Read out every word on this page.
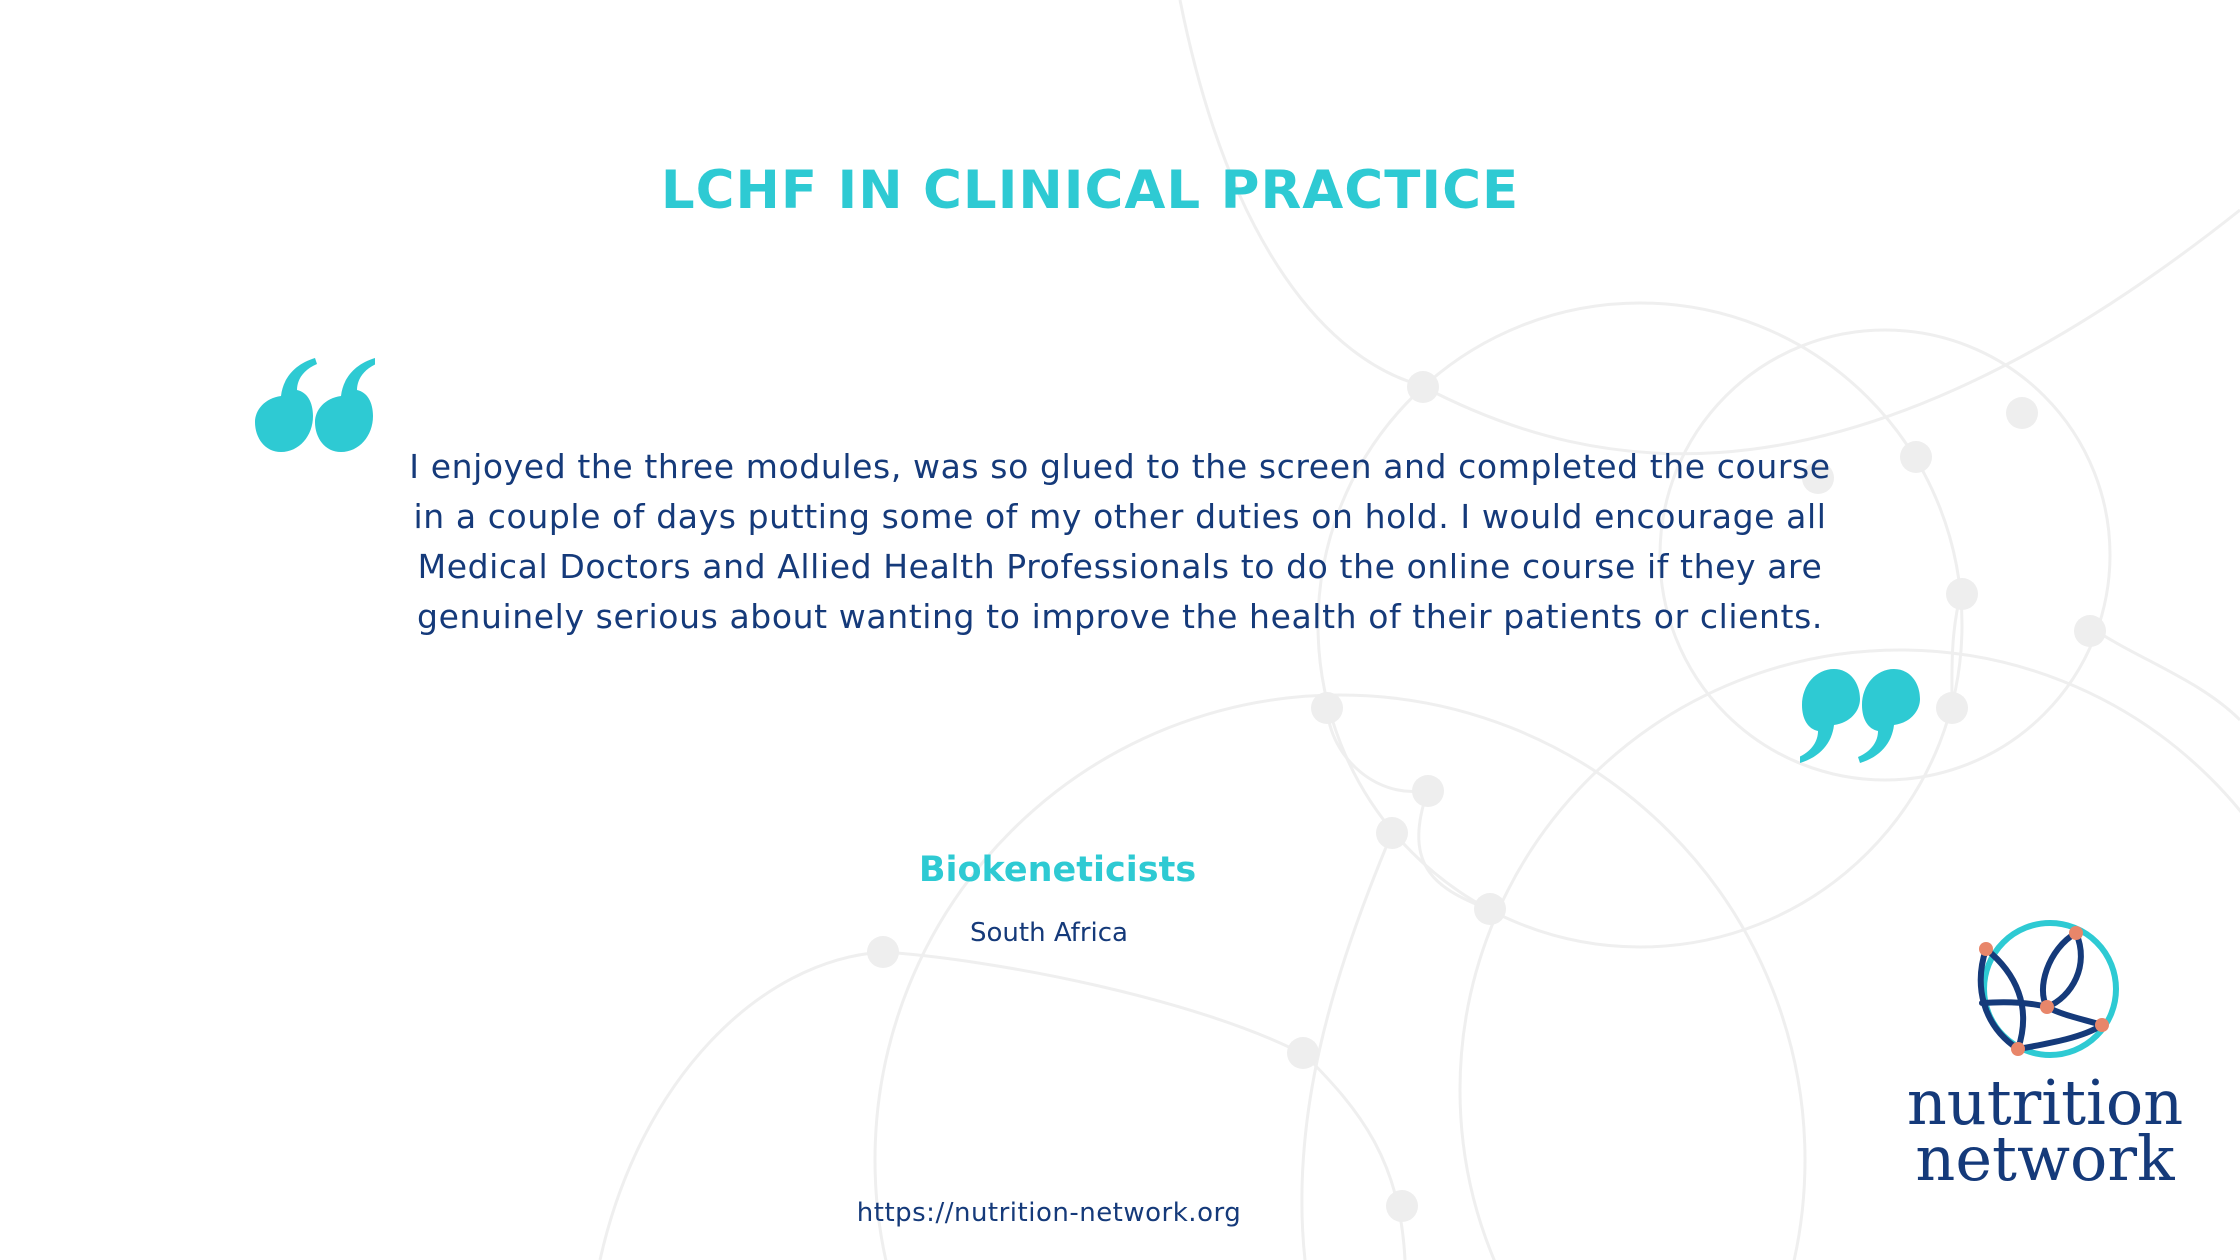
LCHF IN CLINICAL PRACTICE
I enjoyed the three modules, was so glued to the screen and completed the course in a couple of days putting some of my other duties on hold. I would encourage all Medical Doctors and Allied Health Professionals to do the online course if they are genuinely serious about wanting to improve the health of their patients or clients.
Biokeneticists
South Africa
https://nutrition-network.org
nutrition
network
